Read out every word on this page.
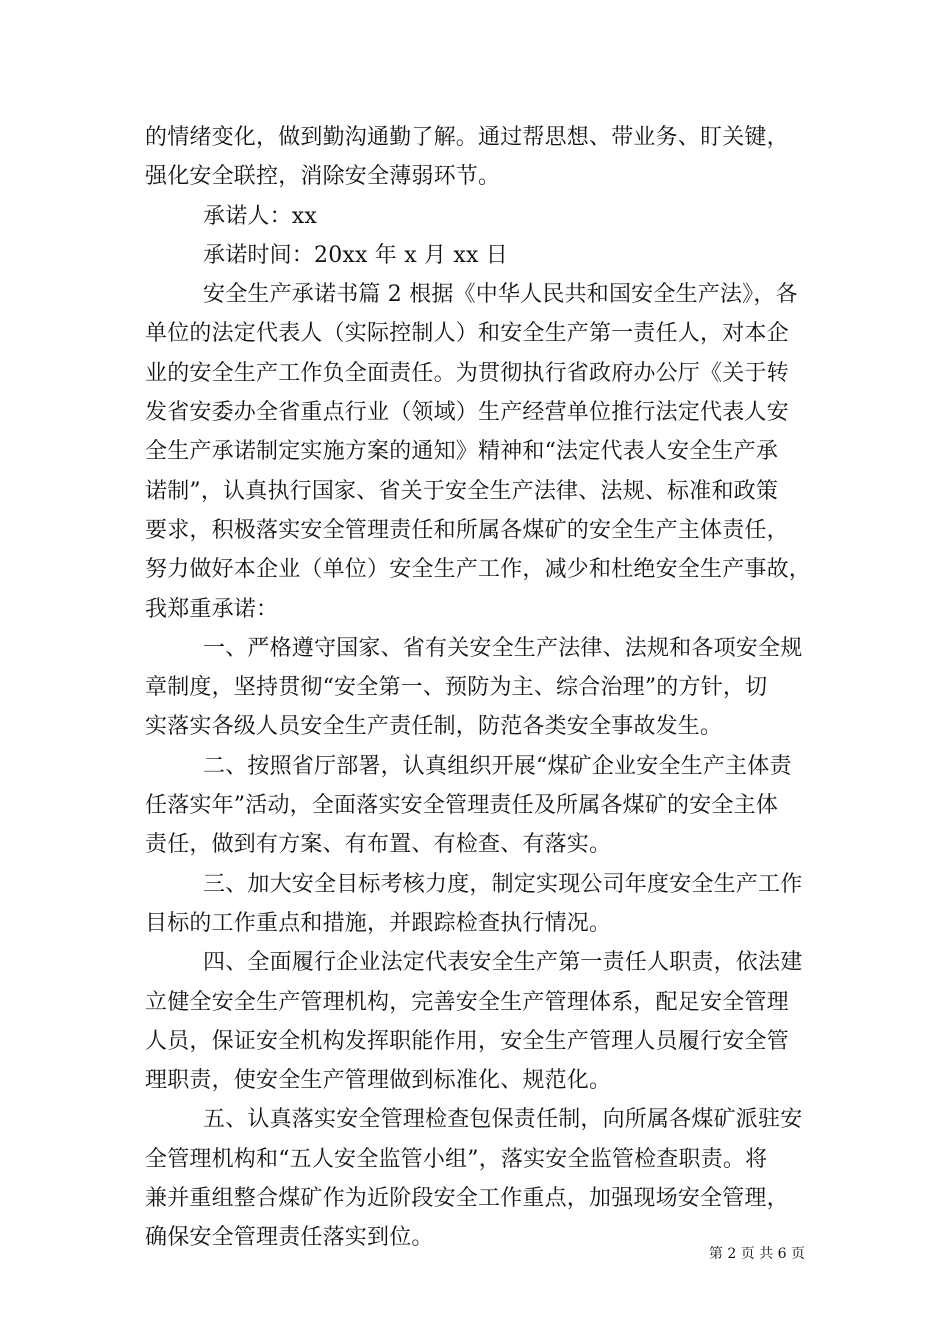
的情绪变化，做到勤沟通勤了解。通过帮思想、带业务、盯关键，
强化安全联控，消除安全薄弱环节。
承诺人：xx
承诺时间：20xx 年 x 月 xx 日
安全生产承诺书篇 2 根据《中华人民共和国安全生产法》，各
单位的法定代表人（实际控制人）和安全生产第一责任人，对本企
业的安全生产工作负全面责任。为贯彻执行省政府办公厅《关于转
发省安委办全省重点行业（领域）生产经营单位推行法定代表人安
全生产承诺制定实施方案的通知》精神和“法定代表人安全生产承
诺制”，认真执行国家、省关于安全生产法律、法规、标准和政策
要求，积极落实安全管理责任和所属各煤矿的安全生产主体责任，
努力做好本企业（单位）安全生产工作，减少和杜绝安全生产事故，
我郑重承诺：
一、严格遵守国家、省有关安全生产法律、法规和各项安全规
章制度，坚持贯彻“安全第一、预防为主、综合治理”的方针，切
实落实各级人员安全生产责任制，防范各类安全事故发生。
二、按照省厅部署，认真组织开展“煤矿企业安全生产主体责
任落实年”活动，全面落实安全管理责任及所属各煤矿的安全主体
责任，做到有方案、有布置、有检查、有落实。
三、加大安全目标考核力度，制定实现公司年度安全生产工作
目标的工作重点和措施，并跟踪检查执行情况。
四、全面履行企业法定代表安全生产第一责任人职责，依法建
立健全安全生产管理机构，完善安全生产管理体系，配足安全管理
人员，保证安全机构发挥职能作用，安全生产管理人员履行安全管
理职责，使安全生产管理做到标准化、规范化。
五、认真落实安全管理检查包保责任制，向所属各煤矿派驻安
全管理机构和“五人安全监管小组”，落实安全监管检查职责。将
兼并重组整合煤矿作为近阶段安全工作重点，加强现场安全管理，
确保安全管理责任落实到位。
第 2 页 共 6 页
